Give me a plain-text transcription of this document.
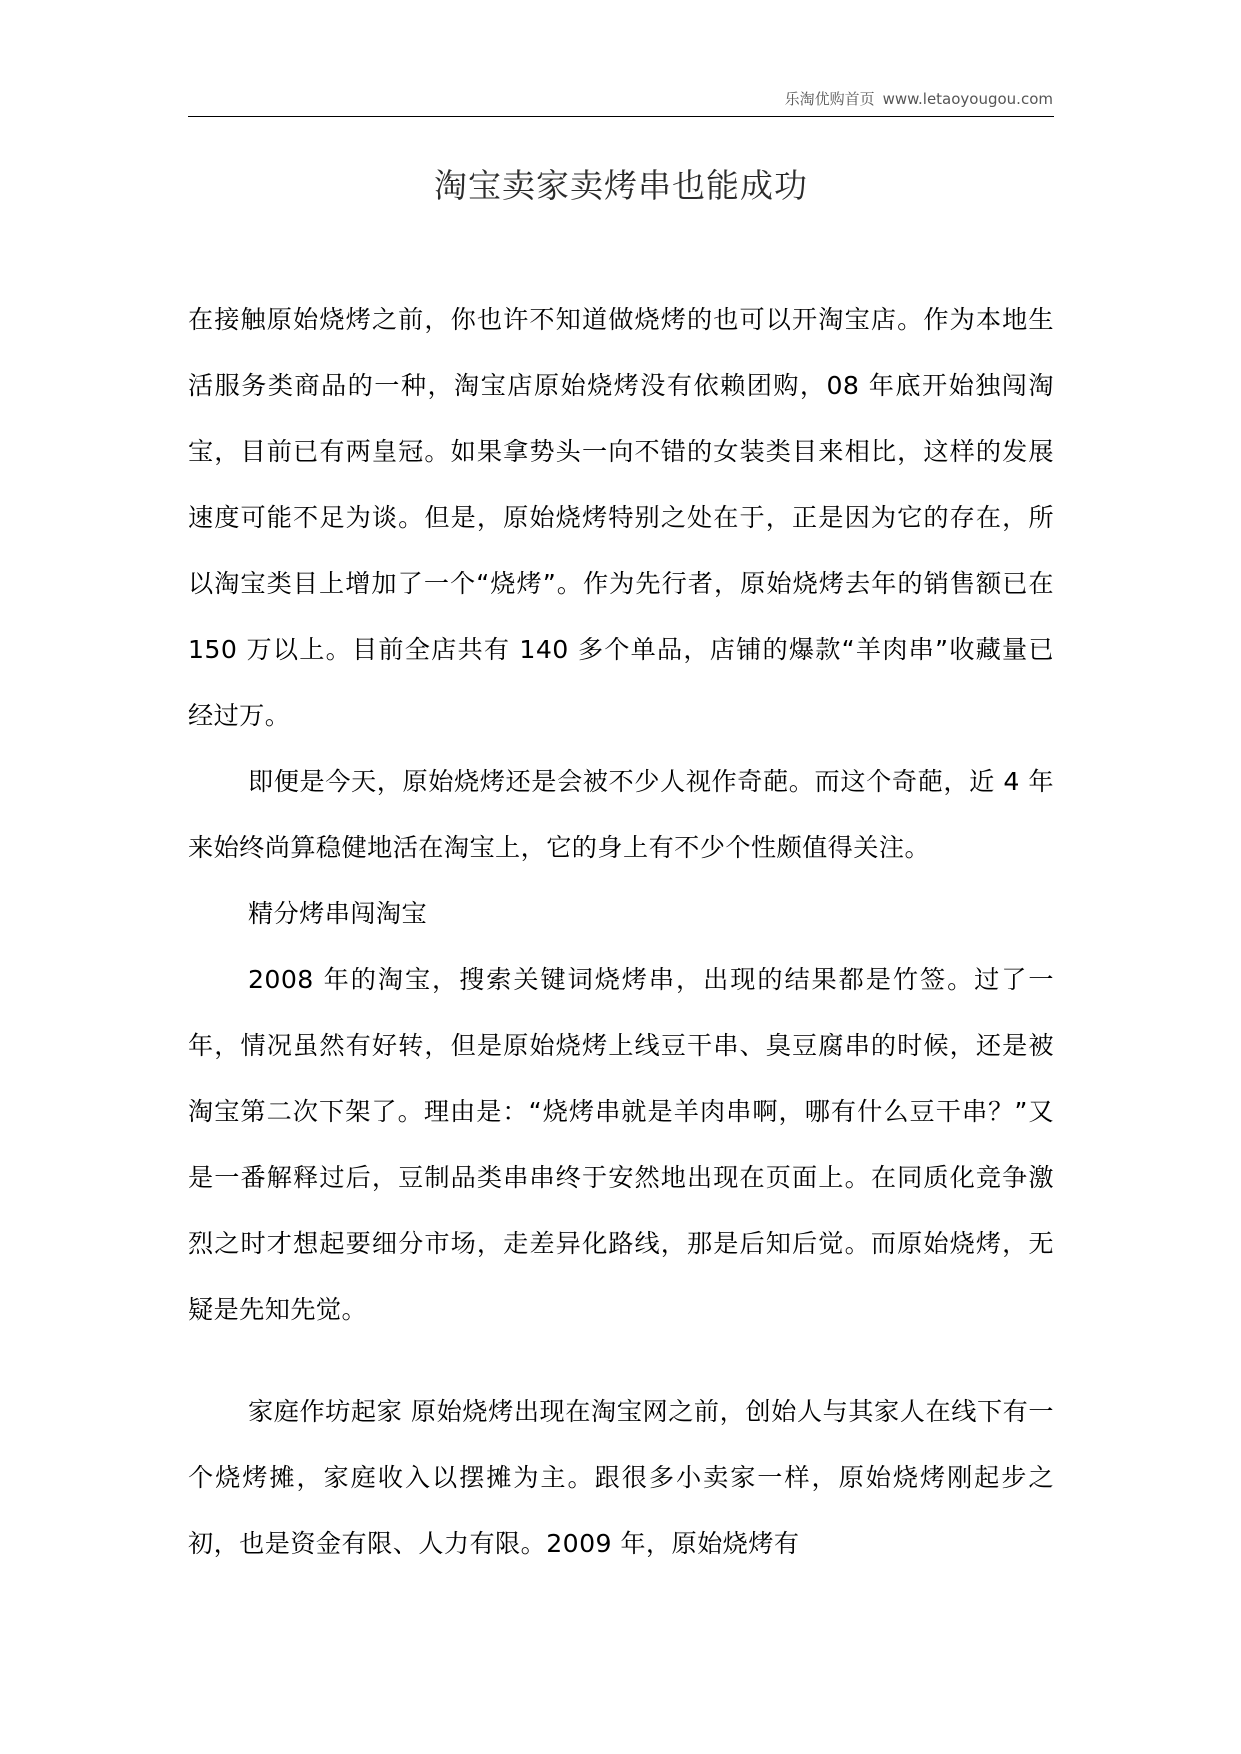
乐淘优购首页 www.letaoyougou.com
淘宝卖家卖烤串也能成功

在接触原始烧烤之前，你也许不知道做烧烤的也可以开淘宝店。作为本地生活服务类商品的一种，淘宝店原始烧烤没有依赖团购，08 年底开始独闯淘宝，目前已有两皇冠。如果拿势头一向不错的女装类目来相比，这样的发展速度可能不足为谈。但是，原始烧烤特别之处在于，正是因为它的存在，所以淘宝类目上增加了一个“烧烤”。作为先行者，原始烧烤去年的销售额已在 150 万以上。目前全店共有 140 多个单品，店铺的爆款“羊肉串”收藏量已经过万。

即便是今天，原始烧烤还是会被不少人视作奇葩。而这个奇葩，近 4 年来始终尚算稳健地活在淘宝上，它的身上有不少个性颇值得关注。

精分烤串闯淘宝

2008 年的淘宝，搜索关键词烧烤串，出现的结果都是竹签。过了一年，情况虽然有好转，但是原始烧烤上线豆干串、臭豆腐串的时候，还是被淘宝第二次下架了。理由是：“烧烤串就是羊肉串啊，哪有什么豆干串？”又是一番解释过后，豆制品类串串终于安然地出现在页面上。在同质化竞争激烈之时才想起要细分市场，走差异化路线，那是后知后觉。而原始烧烤，无疑是先知先觉。

家庭作坊起家 原始烧烤出现在淘宝网之前，创始人与其家人在线下有一个烧烤摊，家庭收入以摆摊为主。跟很多小卖家一样，原始烧烤刚起步之初，也是资金有限、人力有限。2009 年，原始烧烤有
